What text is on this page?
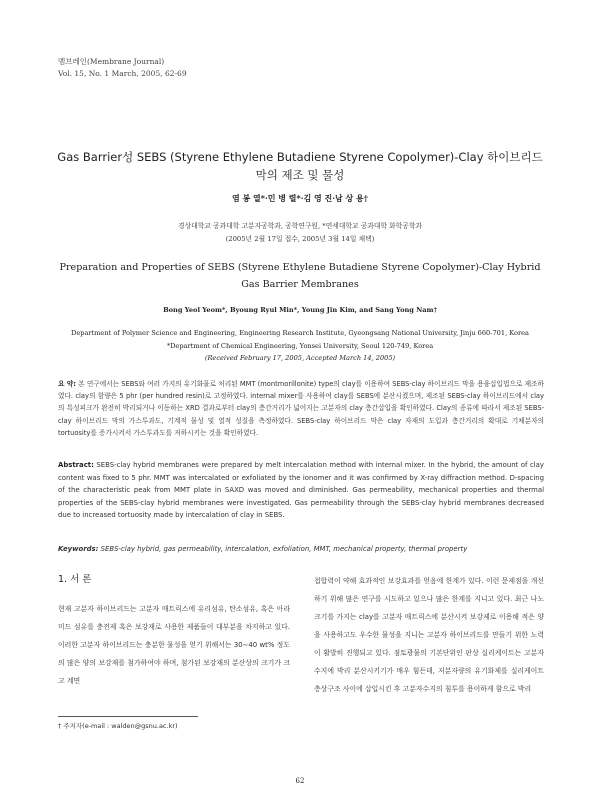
멤브레인(Membrane Journal)
Vol. 15, No. 1 March, 2005, 62-69
Gas Barrier성 SEBS (Styrene Ethylene Butadiene Styrene Copolymer)-Clay 하이브리드
막의 제조 및 물성
염 봉 열*·민 병 렬*·김 영 진·남 상 용†
경상대학교 공과대학 고분자공학과, 공학연구원, *연세대학교 공과대학 화학공학과
(2005년 2월 17일 접수, 2005년 3월 14일 채택)
Preparation and Properties of SEBS (Styrene Ethylene Butadiene Styrene Copolymer)-Clay Hybrid
Gas Barrier Membranes
Bong Yeol Yeom*, Byoung Ryul Min*, Young Jin Kim, and Sang Yong Nam†
Department of Polymer Science and Engineering, Engineering Research Institute, Gyeongsang National University, Jinju 660-701, Korea
*Department of Chemical Engineering, Yonsei University, Seoul 120-749, Korea
(Received February 17, 2005, Accepted March 14, 2005)
요 약: 본 연구에서는 SEBS와 여러 가지의 유기화물로 처리된 MMT (montmorillonite) type의 clay를 이용하여 SEBS-clay 하이브리드 막을 용융삽입법으로 제조하였다. clay의 함량은 5 phr (per hundred resin)로 고정하였다. internal mixer를 사용하여 clay를 SEBS에 분산시켰으며, 제조된 SEBS-clay 하이브리드에서 clay의 특성피크가 완전히 박리되거나 이동하는 XRD 결과로부터 clay의 층간거리가 넓어지는 고분자의 clay 층간삽입을 확인하였다. Clay의 종류에 따라서 제조된 SEBS-clay 하이브리드 막의 가스투과도, 기계적 물성 및 열적 성질을 측정하였다. SEBS-clay 하이브리드 막은 clay 자재의 도입과 층간거리의 확대로 기체분자의 tortuosity를 증가시켜서 가스투과도를 저하시키는 것을 확인하였다.
Abstract: SEBS-clay hybrid membranes were prepared by melt intercalation method with internal mixer. In the hybrid, the amount of clay content was fixed to 5 phr. MMT was intercalated or exfoliated by the ionomer and it was confirmed by X-ray diffraction method. D-spacing of the characteristic peak from MMT plate in SAXD was moved and diminished. Gas permeability, mechanical properties and thermal properties of the SEBS-clay hybrid membranes were investigated. Gas permeability through the SEBS-clay hybrid membranes decreased due to increased tortuosity made by intercalation of clay in SEBS.
Keywords: SEBS-clay hybrid, gas permeability, intercalation, exfoliation, MMT, mechanical property, thermal property
1. 서 론
현재 고분자 하이브리드는 고분자 매트릭스에 유리섬유, 탄소섬유, 혹은 아라미드 섬유를 충전제 혹은 보강재로 사용한 제품들이 대부분을 차지하고 있다. 이러한 고분자 하이브리드는 충분한 물성을 얻기 위해서는 30∼40 wt% 정도의 많은 양의 보강재를 첨가하여야 하며, 첨가된 보강재의 분산상의 크기가 크고 계면
접합력이 약해 효과적인 보강효과를 얻음에 한계가 있다. 이런 문제점을 개선하기 위해 많은 연구를 시도하고 있으나 많은 한계를 지니고 있다. 최근 나노크기를 가지는 clay를 고분자 매트릭스에 분산시켜 보강제로 이용해 적은 양을 사용하고도 우수한 물성을 지니는 고분자 하이브리드를 만들기 위한 노력이 활발히 진행되고 있다. 점토광물의 기본단위인 판상 실리케이트는 고분자 수지에 박리 분산시키기가 매우 힘든데, 저분자량의 유기화제를 실리케이트 층상구조 사이에 삽입시킨 후 고분자수지의 침투를 용이하게 함으로 박리
† 주저자(e-mail : walden@gsnu.ac.kr)
62
